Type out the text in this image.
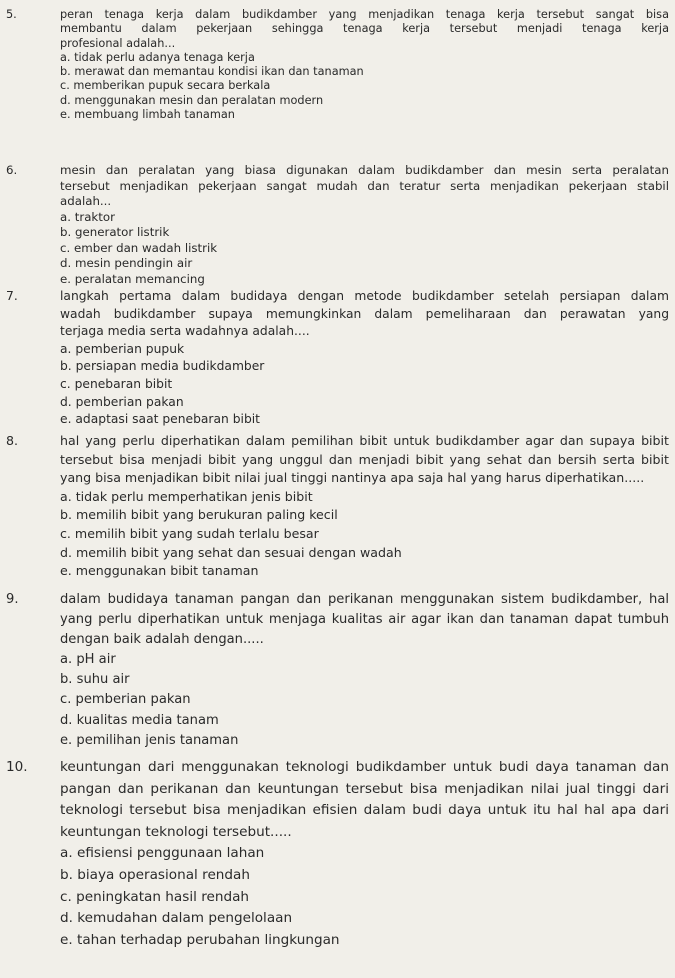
5.	peran tenaga kerja dalam budikdamber yang menjadikan tenaga kerja tersebut sangat bisa
membantu dalam pekerjaan sehingga tenaga kerja tersebut menjadi tenaga kerja
profesional adalah...
a. tidak perlu adanya tenaga kerja
b. merawat dan memantau kondisi ikan dan tanaman
c. memberikan pupuk secara berkala
d. menggunakan mesin dan peralatan modern
e. membuang limbah tanaman
6.	mesin dan peralatan yang biasa digunakan dalam budikdamber dan mesin serta peralatan
tersebut menjadikan pekerjaan sangat mudah dan teratur serta menjadikan pekerjaan stabil
adalah...
a. traktor
b. generator listrik
c. ember dan wadah listrik
d. mesin pendingin air
e. peralatan memancing
7.	langkah pertama dalam budidaya dengan metode budikdamber setelah persiapan dalam
wadah budikdamber supaya memungkinkan dalam pemeliharaan dan perawatan yang
terjaga media serta wadahnya adalah....
a. pemberian pupuk
b. persiapan media budikdamber
c. penebaran bibit
d. pemberian pakan
e. adaptasi saat penebaran bibit
8.	hal yang perlu diperhatikan dalam pemilihan bibit untuk budikdamber agar dan supaya bibit
tersebut bisa menjadi bibit yang unggul dan menjadi bibit yang sehat dan bersih serta bibit
yang bisa menjadikan bibit nilai jual tinggi nantinya apa saja hal yang harus diperhatikan.....
a. tidak perlu memperhatikan jenis bibit
b. memilih bibit yang berukuran paling kecil
c. memilih bibit yang sudah terlalu besar
d. memilih bibit yang sehat dan sesuai dengan wadah
e. menggunakan bibit tanaman
9.	dalam budidaya tanaman pangan dan perikanan menggunakan sistem budikdamber, hal
yang perlu diperhatikan untuk menjaga kualitas air agar ikan dan tanaman dapat tumbuh
dengan baik adalah dengan.....
a. pH air
b. suhu air
c. pemberian pakan
d. kualitas media tanam
e. pemilihan jenis tanaman
10. keuntungan dari menggunakan teknologi budikdamber untuk budi daya tanaman dan
pangan dan perikanan dan keuntungan tersebut bisa menjadikan nilai jual tinggi dari
teknologi tersebut bisa menjadikan efisien dalam budi daya untuk itu hal hal apa dari
keuntungan teknologi tersebut.....
a. efisiensi penggunaan lahan
b. biaya operasional rendah
c. peningkatan hasil rendah
d. kemudahan dalam pengelolaan
e. tahan terhadap perubahan lingkungan
